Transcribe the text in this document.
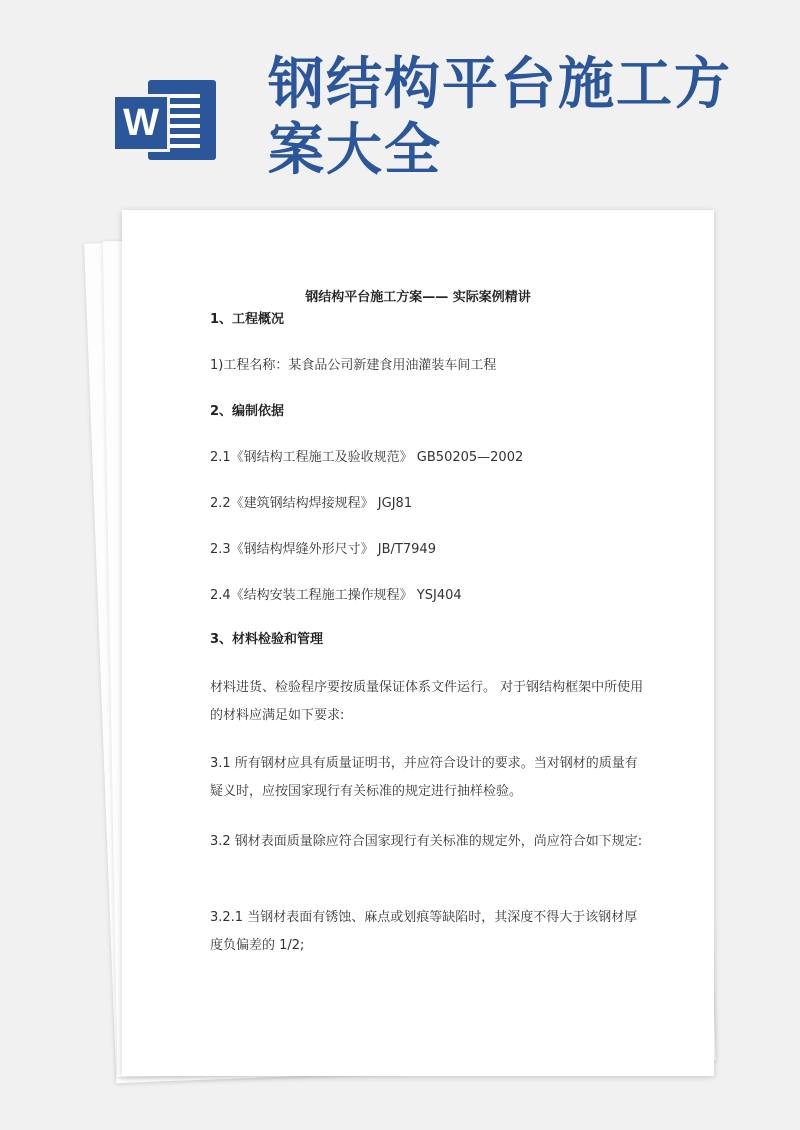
W
钢结构平台施工方案大全
钢结构平台施工方案—— 实际案例精讲

1、工程概况

1)工程名称：某食品公司新建食用油灌装车间工程

2、编制依据

2.1《钢结构工程施工及验收规范》 GB50205—2002

2.2《建筑钢结构焊接规程》 JGJ81

2.3《钢结构焊缝外形尺寸》 JB/T7949

2.4《结构安装工程施工操作规程》 YSJ404

3、材料检验和管理

材料进货、检验程序要按质量保证体系文件运行。 对于钢结构框架中所使用的材料应满足如下要求:

3.1 所有钢材应具有质量证明书，并应符合设计的要求。当对钢材的质量有疑义时，应按国家现行有关标准的规定进行抽样检验。

3.2 钢材表面质量除应符合国家现行有关标准的规定外，尚应符合如下规定:

3.2.1 当钢材表面有锈蚀、麻点或划痕等缺陷时，其深度不得大于该钢材厚度负偏差的 1/2;
